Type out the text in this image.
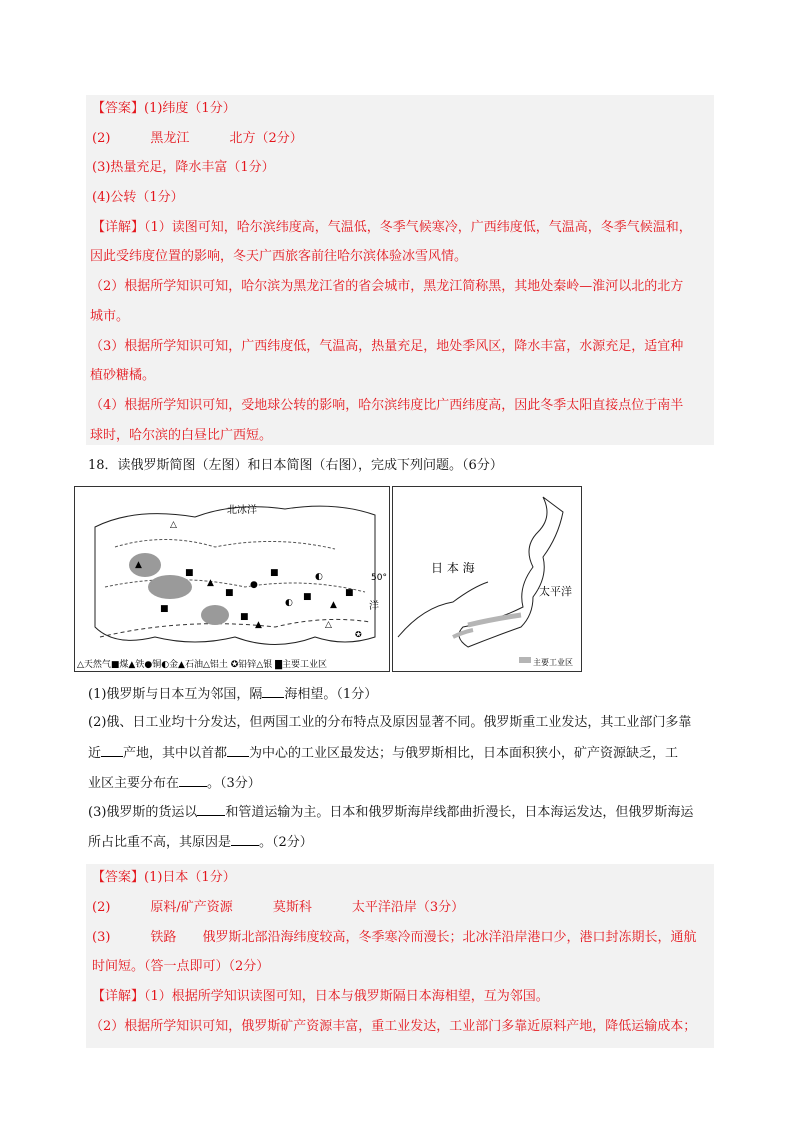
【答案】(1)纬度（1分）
(2)	黑龙江	北方（2分）
(3)热量充足，降水丰富（1分）
(4)公转（1分）
【详解】（1）读图可知，哈尔滨纬度高，气温低，冬季气候寒冷，广西纬度低，气温高，冬季气候温和，
因此受纬度位置的影响，冬天广西旅客前往哈尔滨体验冰雪风情。
（2）根据所学知识可知，哈尔滨为黑龙江省的省会城市，黑龙江简称黑，其地处秦岭—淮河以北的北方
城市。
（3）根据所学知识可知，广西纬度低，气温高，热量充足，地处季风区，降水丰富，水源充足，适宜种
植砂糖橘。
（4）根据所学知识可知，受地球公转的影响，哈尔滨纬度比广西纬度高，因此冬季太阳直接点位于南半
球时，哈尔滨的白昼比广西短。
18．读俄罗斯简图（左图）和日本简图（右图），完成下列问题。（6分）
▲
■
▲
■
●
■
◐
■
◐
▲
■
■
■
▲	△
△
✪
北冰洋
洋
50°
△天然气■煤▲铁●铜◐金▲石油△铝土 ✪铅锌△银 ▇主要工业区
日 本 海
太平洋
主要工业区
(1)俄罗斯与日本互为邻国，隔 海相望。（1分）
(2)俄、日工业均十分发达，但两国工业的分布特点及原因显著不同。俄罗斯重工业发达，其工业部门多靠
近 产地，其中以首都 为中心的工业区最发达；与俄罗斯相比，日本面积狭小，矿产资源缺乏，工
业区主要分布在 。（3分）
(3)俄罗斯的货运以 和管道运输为主。日本和俄罗斯海岸线都曲折漫长，日本海运发达，但俄罗斯海运
所占比重不高，其原因是 。（2分）
【答案】(1)日本（1分）
(2)	原料/矿产资源	莫斯科	太平洋沿岸（3分）
(3)	铁路 俄罗斯北部沿海纬度较高，冬季寒冷而漫长；北冰洋沿岸港口少，港口封冻期长，通航
时间短。（答一点即可）（2分）
【详解】（1）根据所学知识读图可知，日本与俄罗斯隔日本海相望，互为邻国。
（2）根据所学知识可知，俄罗斯矿产资源丰富，重工业发达，工业部门多靠近原料产地，降低运输成本；
